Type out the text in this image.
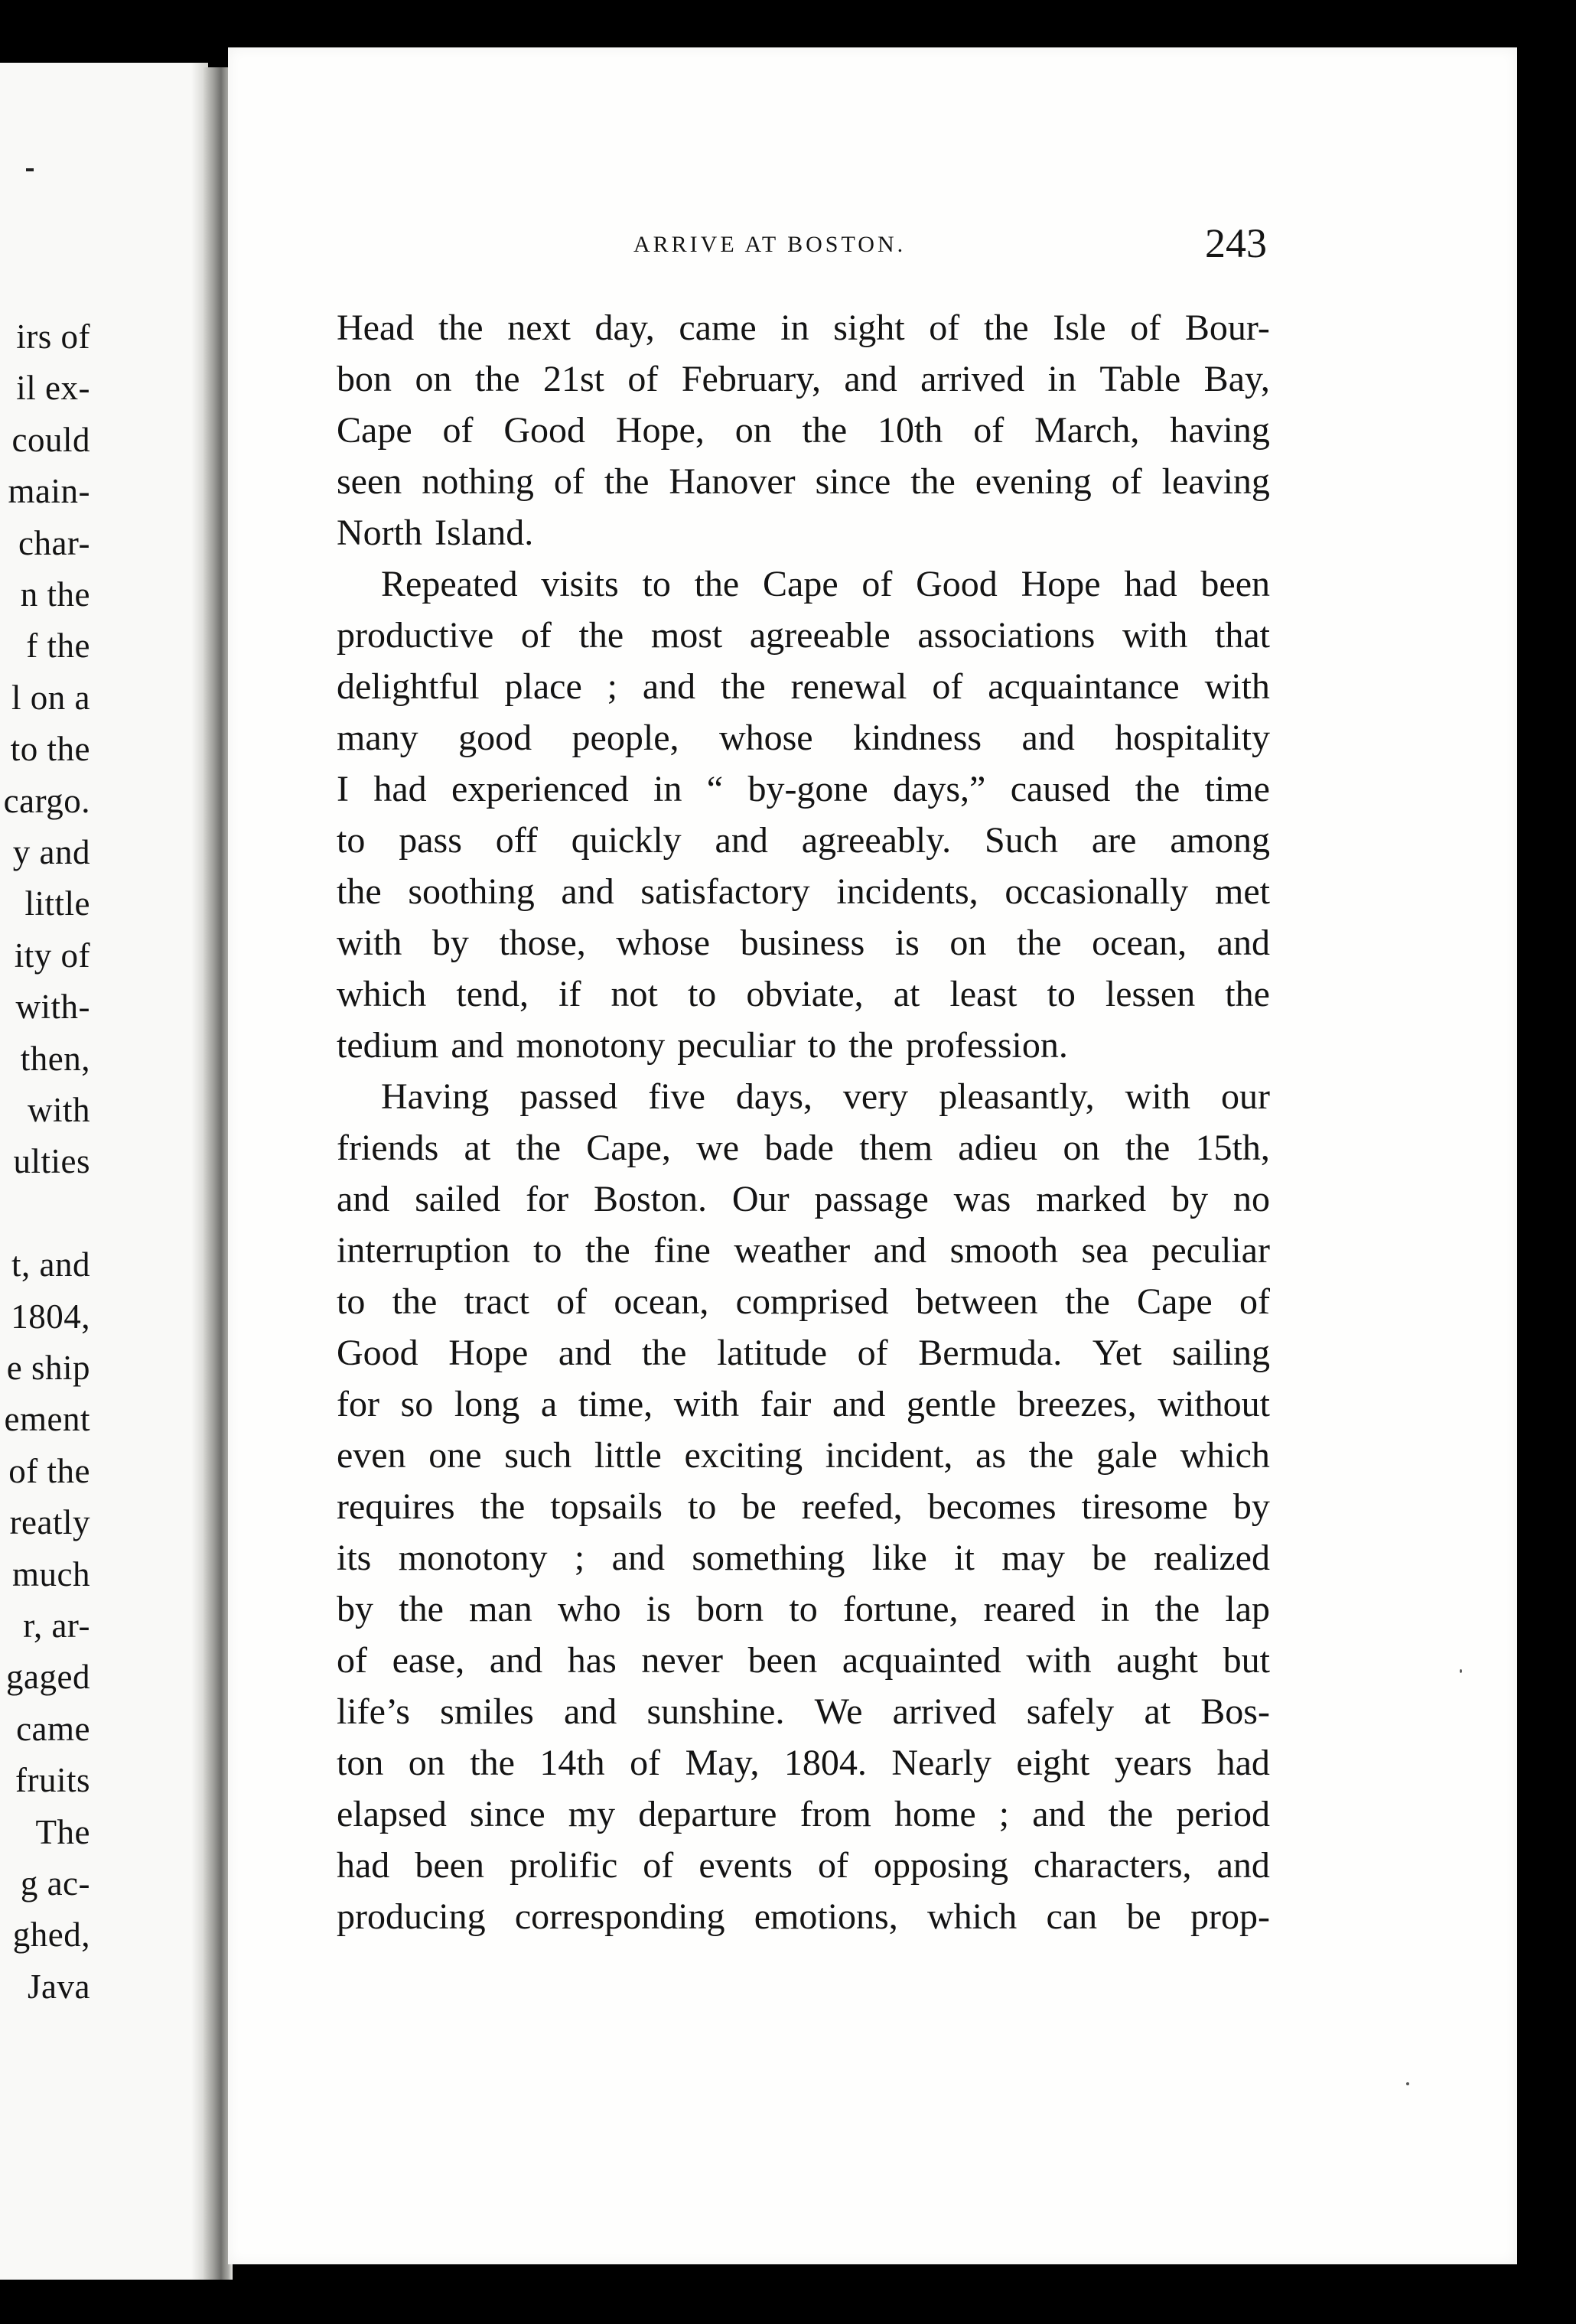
irs of
il ex-
could
main-
char-
n the
f the
l on a
to the
cargo.
y and
little
ity of
with-
then,
with
ulties
t, and
1804,
e ship
ement
of the
reatly
much
r, ar-
gaged
came
fruits
The
g ac-
ghed,
Java
ARRIVE AT BOSTON.	243
Head the next day, came in sight of the Isle of Bour-
bon on the 21st of February, and arrived in Table Bay,
Cape of Good Hope, on the 10th of March, having
seen nothing of the Hanover since the evening of leaving
North Island.
Repeated visits to the Cape of Good Hope had been
productive of the most agreeable associations with that
delightful place ; and the renewal of acquaintance with
many good people, whose kindness and hospitality
I had experienced in “ by-gone days,” caused the time
to pass off quickly and agreeably. Such are among
the soothing and satisfactory incidents, occasionally met
with by those, whose business is on the ocean, and
which tend, if not to obviate, at least to lessen the
tedium and monotony peculiar to the profession.
Having passed five days, very pleasantly, with our
friends at the Cape, we bade them adieu on the 15th,
and sailed for Boston. Our passage was marked by no
interruption to the fine weather and smooth sea peculiar
to the tract of ocean, comprised between the Cape of
Good Hope and the latitude of Bermuda. Yet sailing
for so long a time, with fair and gentle breezes, without
even one such little exciting incident, as the gale which
requires the topsails to be reefed, becomes tiresome by
its monotony ; and something like it may be realized
by the man who is born to fortune, reared in the lap
of ease, and has never been acquainted with aught but
life’s smiles and sunshine. We arrived safely at Bos-
ton on the 14th of May, 1804. Nearly eight years had
elapsed since my departure from home ; and the period
had been prolific of events of opposing characters, and
producing corresponding emotions, which can be prop-
